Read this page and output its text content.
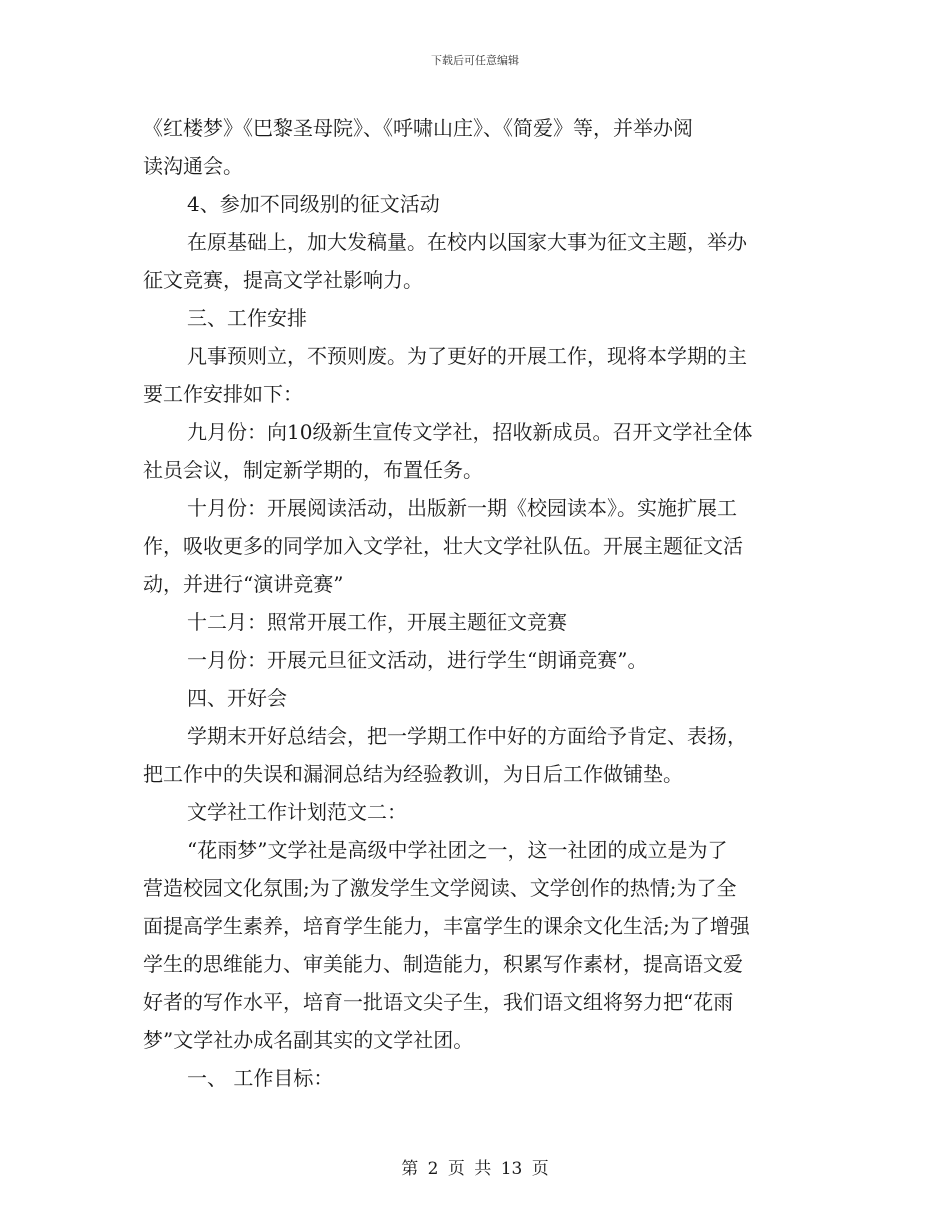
下载后可任意编辑
《红楼梦》《巴黎圣母院》、《呼啸山庄》、《简爱》等，并举办阅
读沟通会。
4、参加不同级别的征文活动
在原基础上，加大发稿量。在校内以国家大事为征文主题，举办
征文竞赛，提高文学社影响力。
三、工作安排
凡事预则立，不预则废。为了更好的开展工作，现将本学期的主
要工作安排如下：
九月份：向10级新生宣传文学社，招收新成员。召开文学社全体
社员会议，制定新学期的，布置任务。
十月份：开展阅读活动，出版新一期《校园读本》。实施扩展工
作，吸收更多的同学加入文学社，壮大文学社队伍。开展主题征文活
动，并进行“演讲竞赛”
十二月：照常开展工作，开展主题征文竞赛
一月份：开展元旦征文活动，进行学生“朗诵竞赛”。
四、开好会
学期末开好总结会，把一学期工作中好的方面给予肯定、表扬，
把工作中的失误和漏洞总结为经验教训，为日后工作做铺垫。
文学社工作计划范文二：
“花雨梦”文学社是高级中学社团之一，这一社团的成立是为了
营造校园文化氛围;为了激发学生文学阅读、文学创作的热情;为了全
面提高学生素养，培育学生能力，丰富学生的课余文化生活;为了增强
学生的思维能力、审美能力、制造能力，积累写作素材，提高语文爱
好者的写作水平，培育一批语文尖子生，我们语文组将努力把“花雨
梦”文学社办成名副其实的文学社团。
一、 工作目标：
第 2 页 共 13 页
